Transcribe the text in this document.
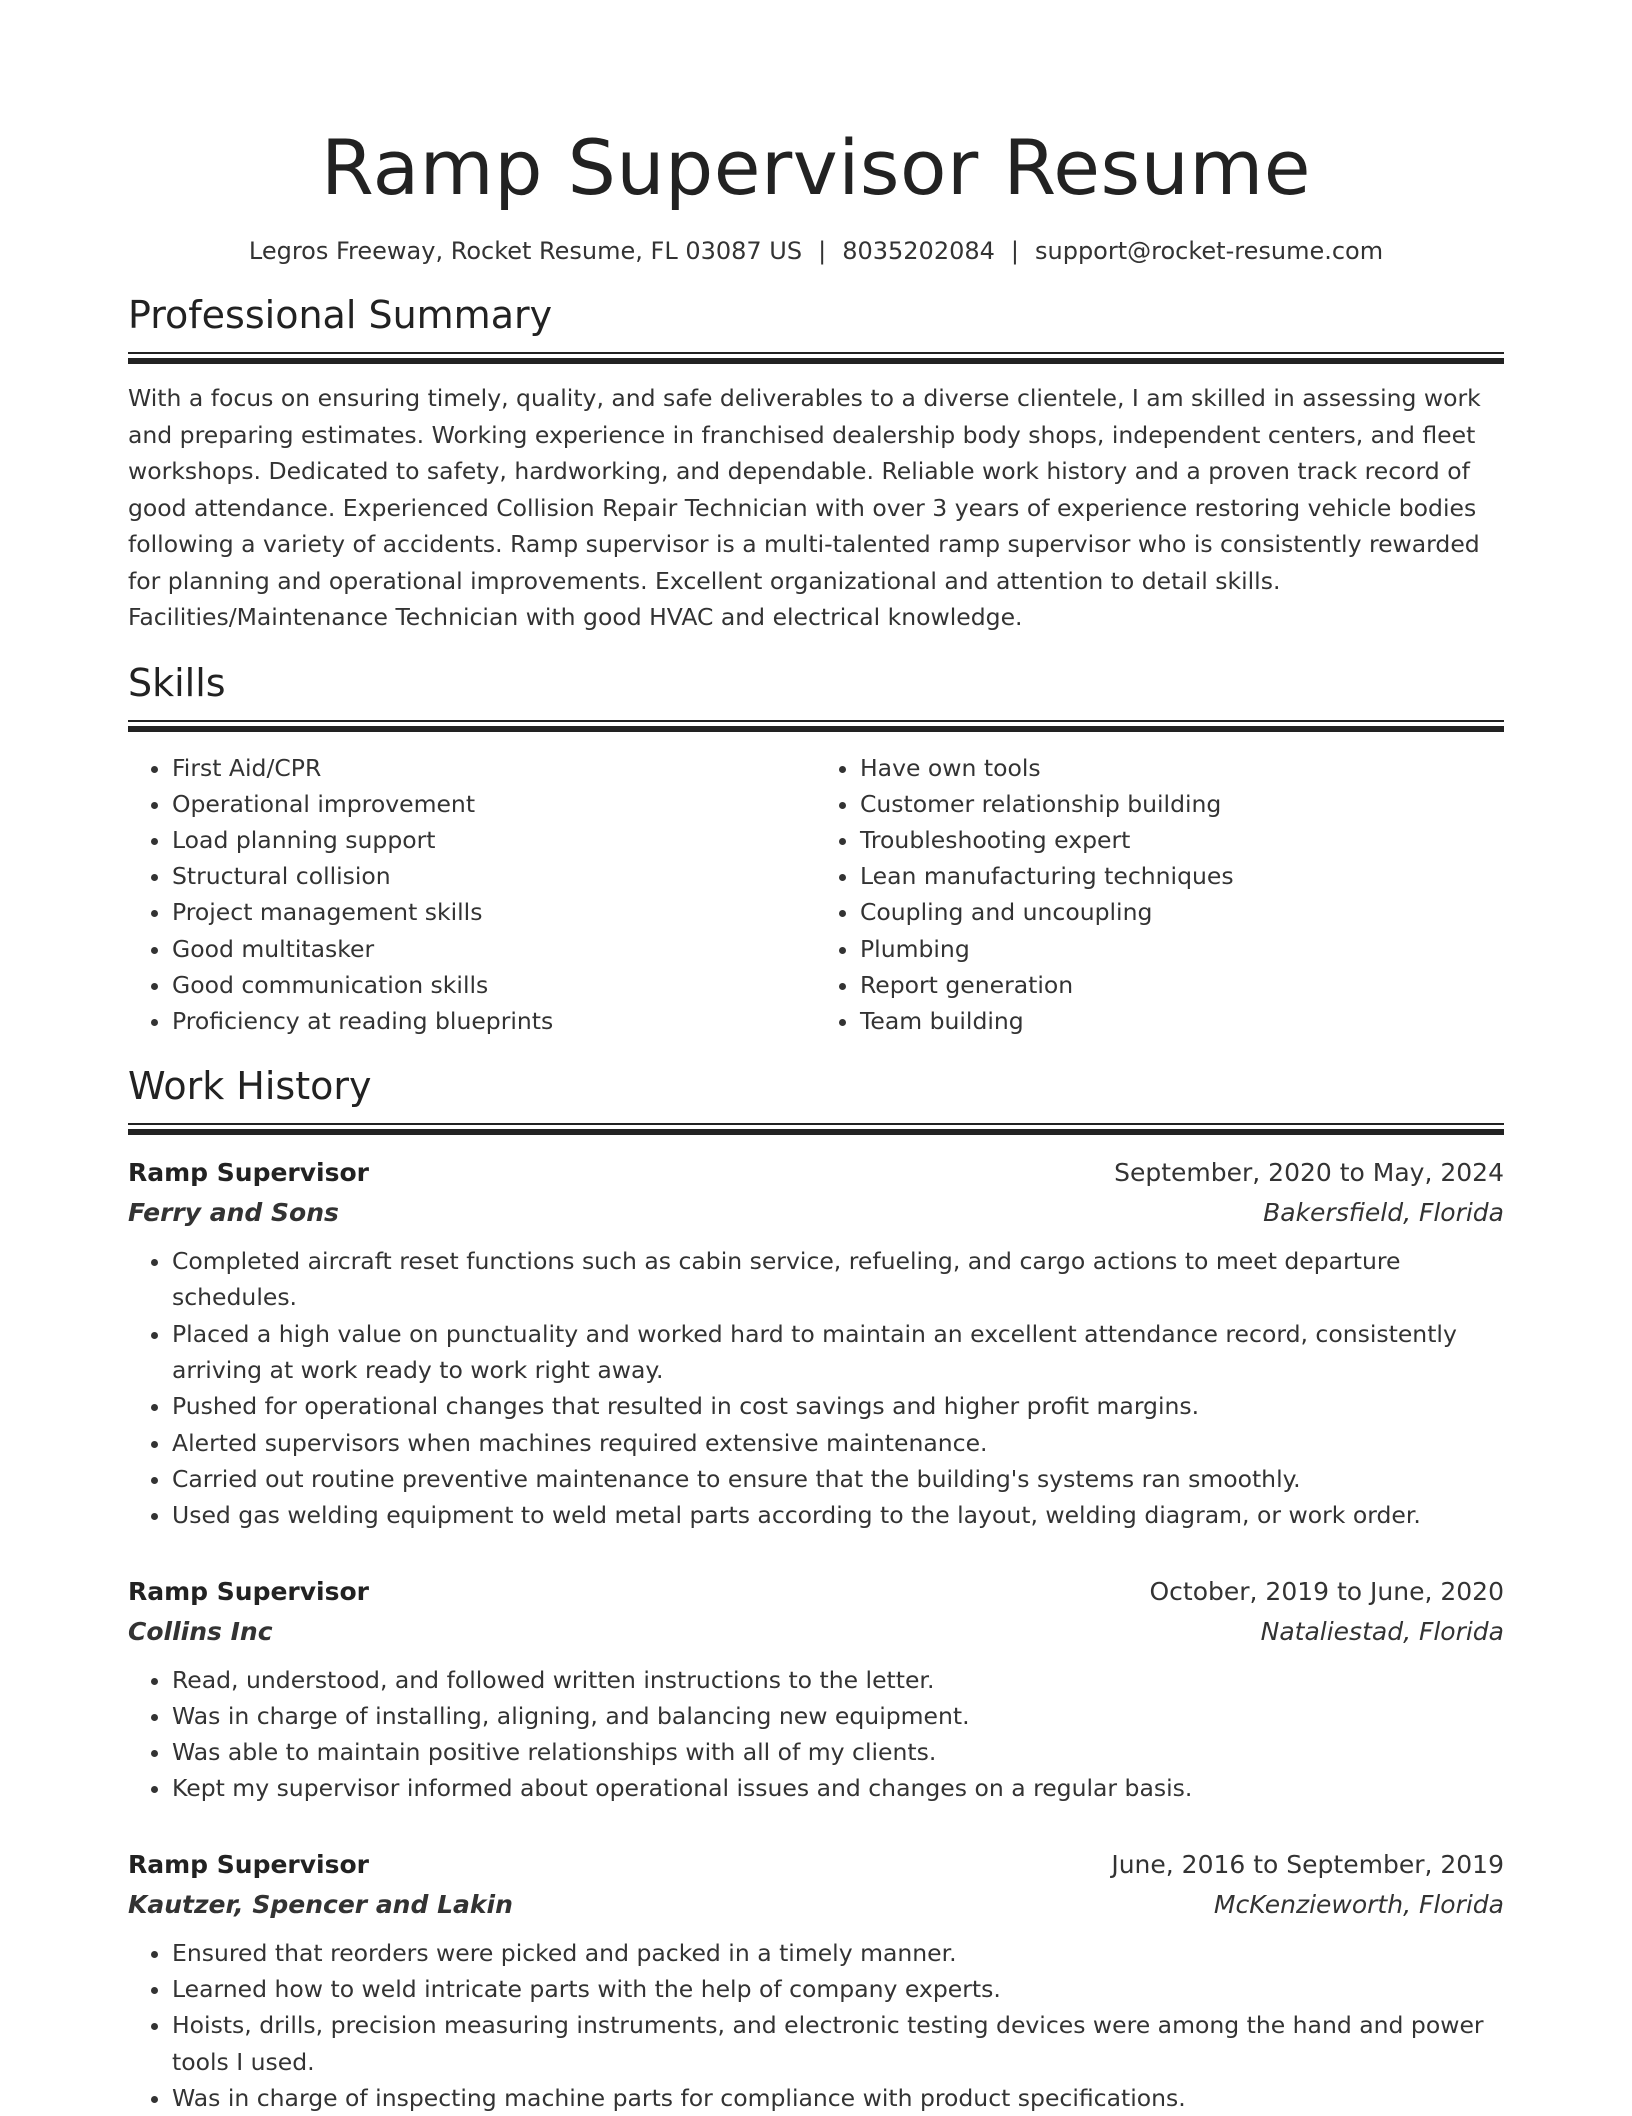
Ramp Supervisor Resume
Legros Freeway, Rocket Resume, FL 03087 US | 8035202084 | support@rocket-resume.com
Professional Summary
With a focus on ensuring timely, quality, and safe deliverables to a diverse clientele, I am skilled in assessing work and preparing estimates. Working experience in franchised dealership body shops, independent centers, and fleet workshops. Dedicated to safety, hardworking, and dependable. Reliable work history and a proven track record of good attendance. Experienced Collision Repair Technician with over 3 years of experience restoring vehicle bodies following a variety of accidents. Ramp supervisor is a multi-talented ramp supervisor who is consistently rewarded for planning and operational improvements. Excellent organizational and attention to detail skills. Facilities/Maintenance Technician with good HVAC and electrical knowledge.
Skills
• First Aid/CPR
• Operational improvement
• Load planning support
• Structural collision
• Project management skills
• Good multitasker
• Good communication skills
• Proficiency at reading blueprints
• Have own tools
• Customer relationship building
• Troubleshooting expert
• Lean manufacturing techniques
• Coupling and uncoupling
• Plumbing
• Report generation
• Team building
Work History
Ramp Supervisor	September, 2020 to May, 2024
Ferry and Sons	Bakersfield, Florida
• Completed aircraft reset functions such as cabin service, refueling, and cargo actions to meet departure schedules.
• Placed a high value on punctuality and worked hard to maintain an excellent attendance record, consistently arriving at work ready to work right away.
• Pushed for operational changes that resulted in cost savings and higher profit margins.
• Alerted supervisors when machines required extensive maintenance.
• Carried out routine preventive maintenance to ensure that the building's systems ran smoothly.
• Used gas welding equipment to weld metal parts according to the layout, welding diagram, or work order.
Ramp Supervisor	October, 2019 to June, 2020
Collins Inc	Nataliestad, Florida
• Read, understood, and followed written instructions to the letter.
• Was in charge of installing, aligning, and balancing new equipment.
• Was able to maintain positive relationships with all of my clients.
• Kept my supervisor informed about operational issues and changes on a regular basis.
Ramp Supervisor	June, 2016 to September, 2019
Kautzer, Spencer and Lakin	McKenzieworth, Florida
• Ensured that reorders were picked and packed in a timely manner.
• Learned how to weld intricate parts with the help of company experts.
• Hoists, drills, precision measuring instruments, and electronic testing devices were among the hand and power tools I used.
• Was in charge of inspecting machine parts for compliance with product specifications.
